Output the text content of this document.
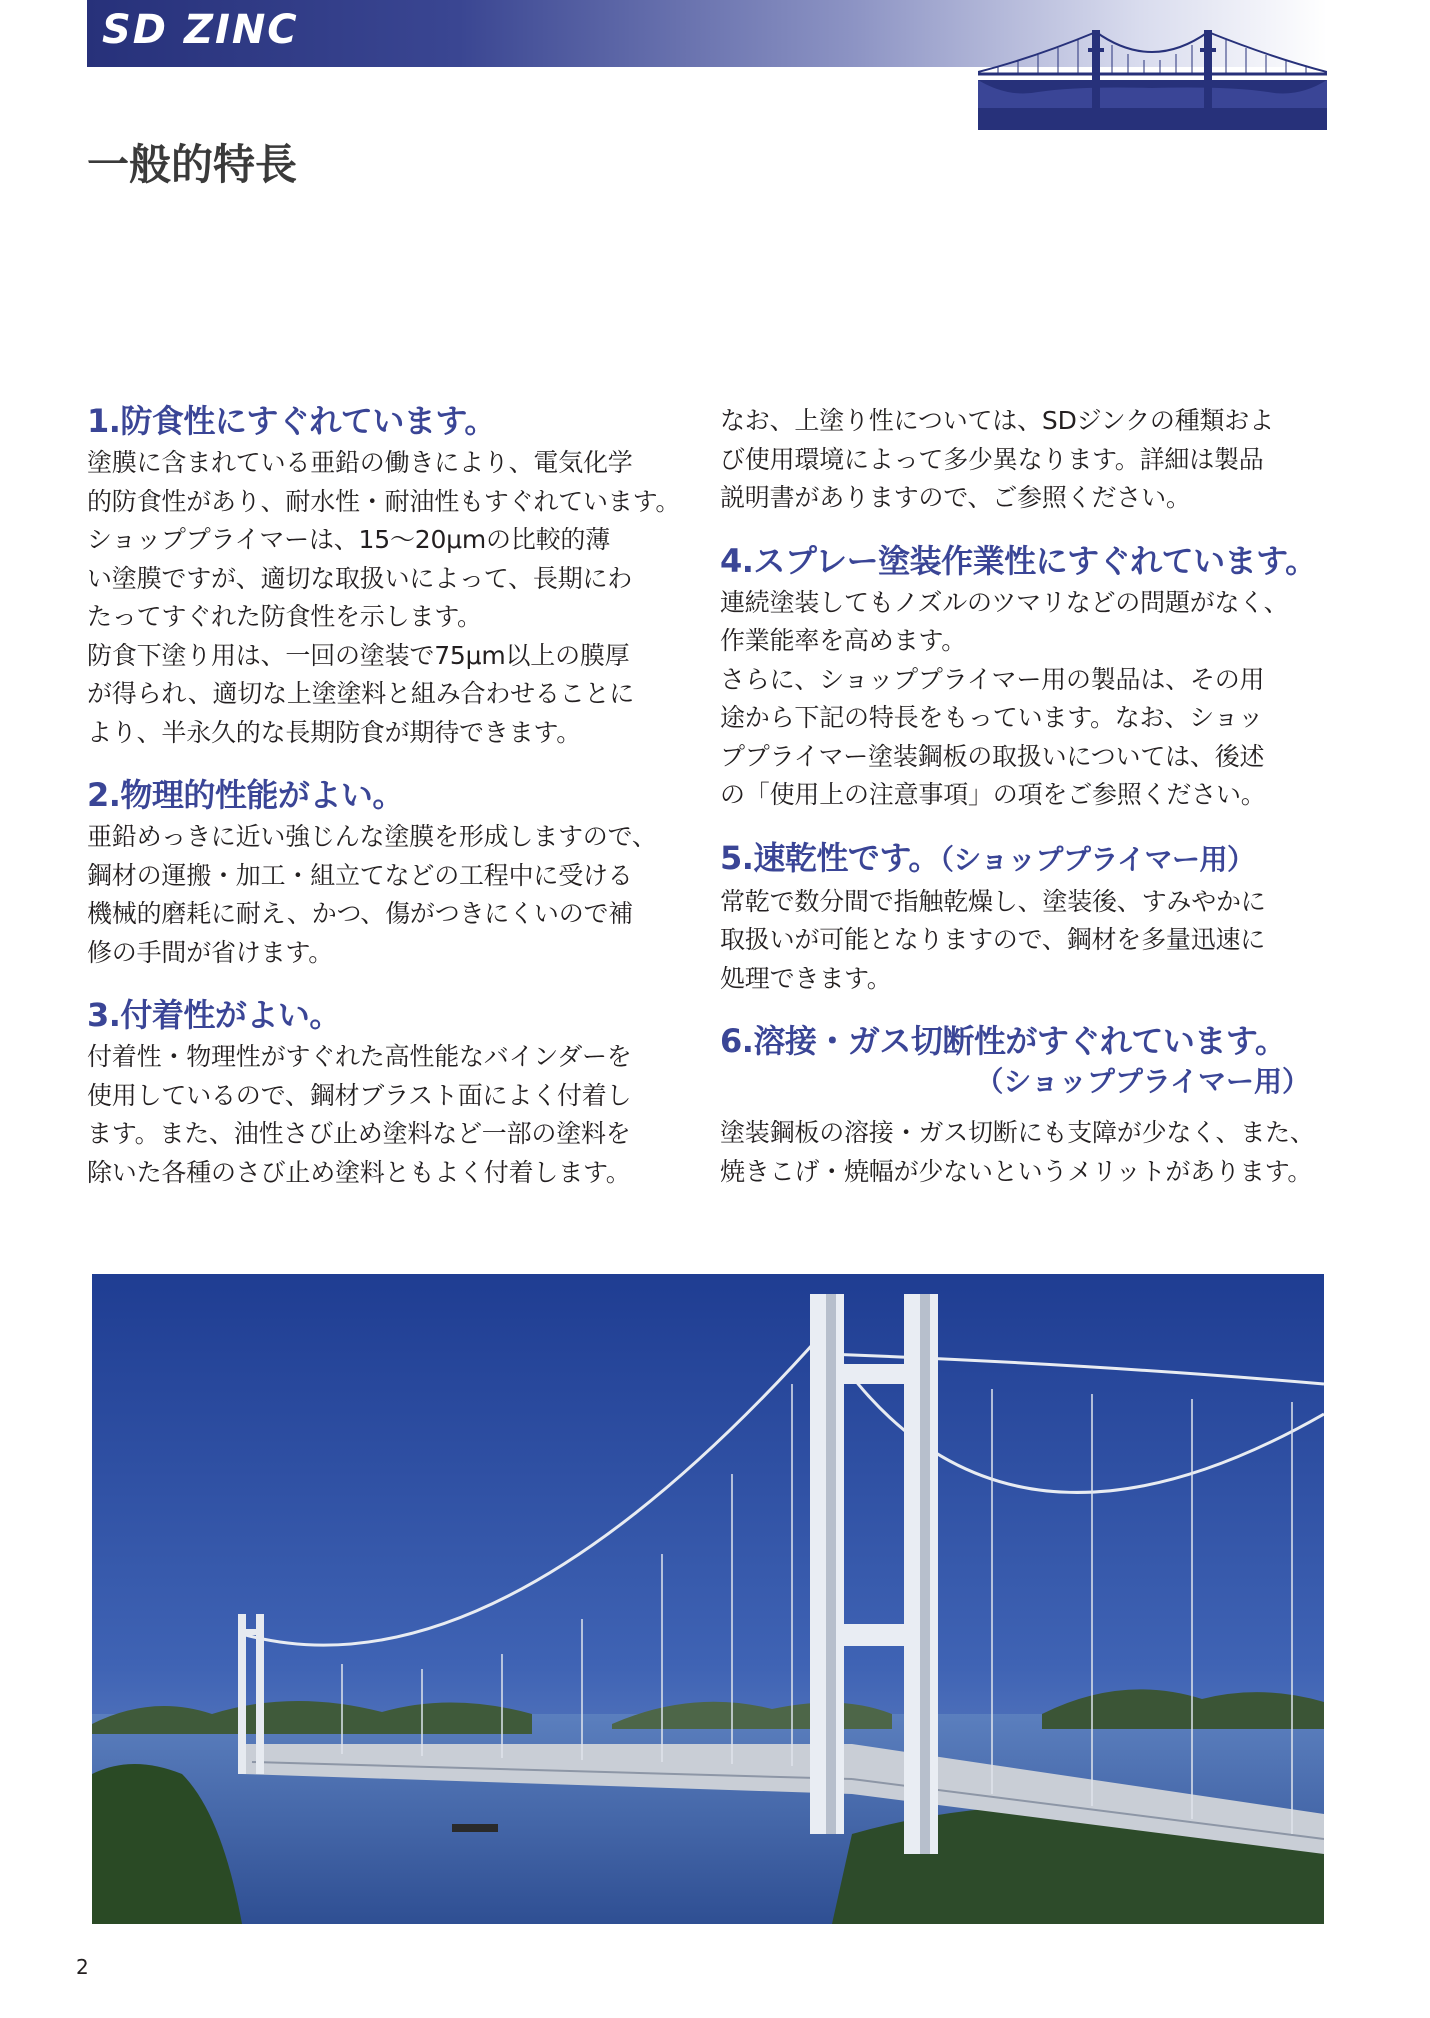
SD ZINC
一般的特長
1.防食性にすぐれています。

塗膜に含まれている亜鉛の働きにより、電気化学

的防食性があり、耐水性・耐油性もすぐれています。

ショッププライマーは、15～20μmの比較的薄

い塗膜ですが、適切な取扱いによって、長期にわ

たってすぐれた防食性を示します。

防食下塗り用は、一回の塗装で75μm以上の膜厚

が得られ、適切な上塗塗料と組み合わせることに

より、半永久的な長期防食が期待できます。

2.物理的性能がよい。

亜鉛めっきに近い強じんな塗膜を形成しますので、

鋼材の運搬・加工・組立てなどの工程中に受ける

機械的磨耗に耐え、かつ、傷がつきにくいので補

修の手間が省けます。

3.付着性がよい。

付着性・物理性がすぐれた高性能なバインダーを

使用しているので、鋼材ブラスト面によく付着し

ます。また、油性さび止め塗料など一部の塗料を

除いた各種のさび止め塗料ともよく付着します。

なお、上塗り性については、SDジンクの種類およ

び使用環境によって多少異なります。詳細は製品

説明書がありますので、ご参照ください。

4.スプレー塗装作業性にすぐれています。

連続塗装してもノズルのツマリなどの問題がなく、

作業能率を高めます。

さらに、ショッププライマー用の製品は、その用

途から下記の特長をもっています。なお、ショッ

ププライマー塗装鋼板の取扱いについては、後述

の「使用上の注意事項」の項をご参照ください。

5.速乾性です。（ショッププライマー用）

常乾で数分間で指触乾燥し、塗装後、すみやかに

取扱いが可能となりますので、鋼材を多量迅速に

処理できます。

6.溶接・ガス切断性がすぐれています。

（ショッププライマー用）

塗装鋼板の溶接・ガス切断にも支障が少なく、また、

焼きこげ・焼幅が少ないというメリットがあります。

2
